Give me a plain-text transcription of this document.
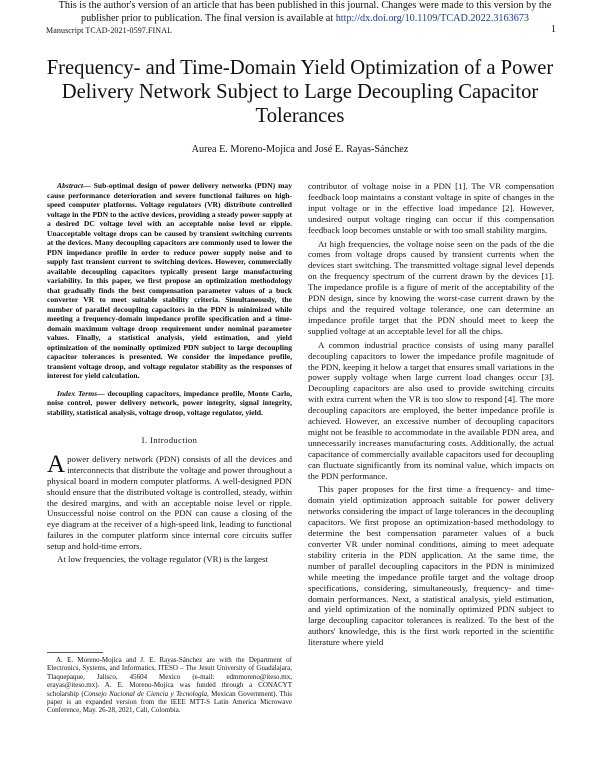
This is the author's version of an article that has been published in this journal. Changes were made to this version by the publisher prior to publication. The final version is available at http://dx.doi.org/10.1109/TCAD.2022.3163673
Manuscript TCAD-2021-0597.FINAL	1
Frequency- and Time-Domain Yield Optimization of a Power Delivery Network Subject to Large Decoupling Capacitor Tolerances
Aurea E. Moreno-Mojica and José E. Rayas-Sánchez

Abstract— Sub-optimal design of power delivery networks (PDN) may cause performance deterioration and severe functional failures on high-speed computer platforms. Voltage regulators (VR) distribute controlled voltage in the PDN to the active devices, providing a steady power supply at a desired DC voltage level with an acceptable noise level or ripple. Unacceptable voltage drops can be caused by transient switching currents at the devices. Many decoupling capacitors are commonly used to lower the PDN impedance profile in order to reduce power supply noise and to supply fast transient current to switching devices. However, commercially available decoupling capacitors typically present large manufacturing variability. In this paper, we first propose an optimization methodology that gradually finds the best compensation parameter values of a buck converter VR to meet suitable stability criteria. Simultaneously, the number of parallel decoupling capacitors in the PDN is minimized while meeting a frequency-domain impedance profile specification and a time-domain maximum voltage droop requirement under nominal parameter values. Finally, a statistical analysis, yield estimation, and yield optimization of the nominally optimized PDN subject to large decoupling capacitor tolerances is presented. We consider the impedance profile, transient voltage droop, and voltage regulator stability as the responses of interest for yield calculation.

Index Terms— decoupling capacitors, impedance profile, Monte Carlo, noise control, power delivery network, power integrity, signal integrity, stability, statistical analysis, voltage droop, voltage regulator, yield.

I. Introduction

A power delivery network (PDN) consists of all the devices and interconnects that distribute the voltage and power throughout a physical board in modern computer platforms. A well-designed PDN should ensure that the distributed voltage is controlled, steady, within the desired margins, and with an acceptable noise level or ripple. Unsuccessful noise control on the PDN can cause a closing of the eye diagram at the receiver of a high-speed link, leading to functional failures in the computer platform since internal core circuits suffer setup and hold-time errors.

At low frequencies, the voltage regulator (VR) is the largest

A. E. Moreno-Mojica and J. E. Rayas-Sánchez are with the Department of Electronics, Systems, and Informatics, ITESO – The Jesuit University of Guadalajara, Tlaquepaque, Jalisco, 45604 Mexico (e-mail: edmmoreno@iteso.mx, erayas@iteso.mx). A. E. Moreno-Mojica was funded through a CONACYT scholarship (Consejo Nacional de Ciencia y Tecnología, Mexican Government). This paper is an expanded version from the IEEE MTT-S Latin America Microwave Conference, May. 26-28, 2021, Cali, Colombia.

contributor of voltage noise in a PDN [1]. The VR compensation feedback loop maintains a constant voltage in spite of changes in the input voltage or in the effective load impedance [2]. However, undesired output voltage ringing can occur if this compensation feedback loop becomes unstable or with too small stability margins.

At high frequencies, the voltage noise seen on the pads of the die comes from voltage drops caused by transient currents when the devices start switching. The transmitted voltage signal level depends on the frequency spectrum of the current drawn by the devices [1]. The impedance profile is a figure of merit of the acceptability of the PDN design, since by knowing the worst-case current drawn by the chips and the required voltage tolerance, one can determine an impedance profile target that the PDN should meet to keep the supplied voltage at an acceptable level for all the chips.

A common industrial practice consists of using many parallel decoupling capacitors to lower the impedance profile magnitude of the PDN, keeping it below a target that ensures small variations in the power supply voltage when large current load changes occur [3]. Decoupling capacitors are also used to provide switching circuits with extra current when the VR is too slow to respond [4]. The more decoupling capacitors are employed, the better impedance profile is achieved. However, an excessive number of decoupling capacitors might not be feasible to accommodate in the available PDN area, and unnecessarily increases manufacturing costs. Additionally, the actual capacitance of commercially available capacitors used for decoupling can fluctuate significantly from its nominal value, which impacts on the PDN performance.

This paper proposes for the first time a frequency- and time-domain yield optimization approach suitable for power delivery networks considering the impact of large tolerances in the decoupling capacitors. We first propose an optimization-based methodology to determine the best compensation parameter values of a buck converter VR under nominal conditions, aiming to meet adequate stability criteria in the PDN application. At the same time, the number of parallel decoupling capacitors in the PDN is minimized while meeting the impedance profile target and the voltage droop specifications, considering, simultaneously, frequency- and time-domain performances. Next, a statistical analysis, yield estimation, and yield optimization of the nominally optimized PDN subject to large decoupling capacitor tolerances is realized. To the best of the authors' knowledge, this is the first work reported in the scientific literature where yield
